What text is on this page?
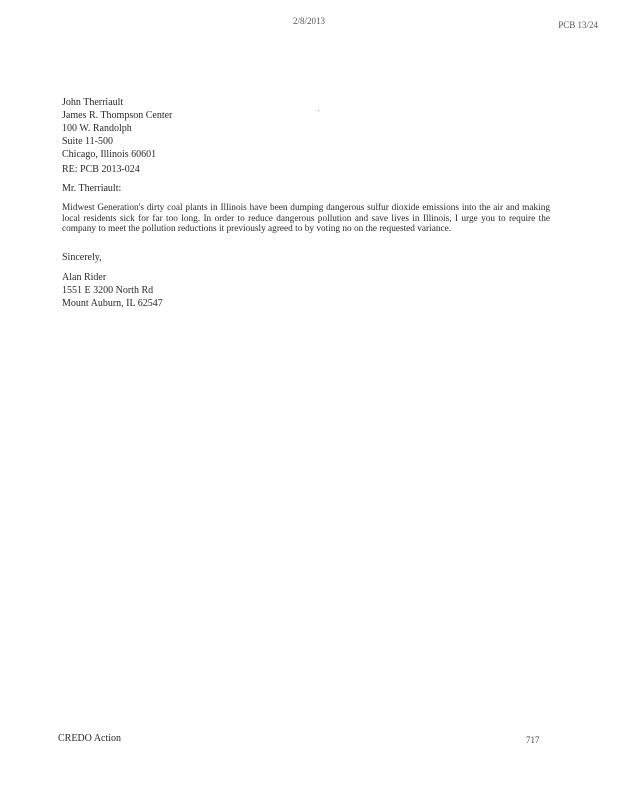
2/8/2013	PCB 13/24
John Therriault
James R. Thompson Center
100 W. Randolph
Suite 11-500
Chicago, Illinois 60601
RE: PCB 2013-024
Mr. Therriault:
Midwest Generation's dirty coal plants in Illinois have been dumping dangerous sulfur dioxide emissions into the air and making local residents sick for far too long. In order to reduce dangerous pollution and save lives in Illinois, I urge you to require the company to meet the pollution reductions it previously agreed to by voting no on the requested variance.
Sincerely,
Alan Rider
1551 E 3200 North Rd
Mount Auburn, IL 62547
CREDO Action	717
